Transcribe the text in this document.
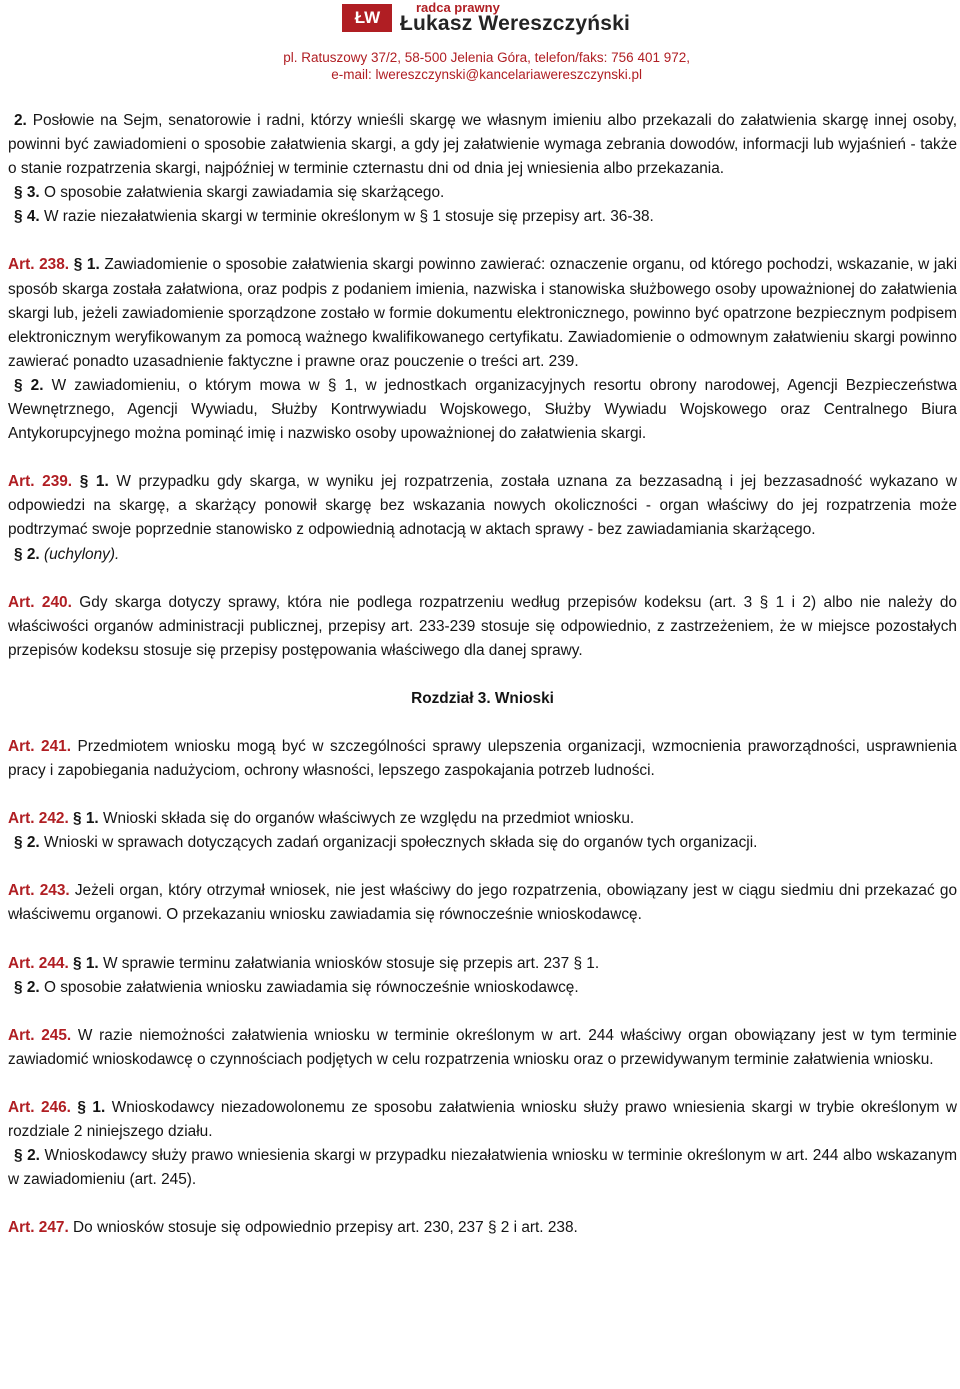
ŁW
radca prawny
Łukasz Wereszczyński
pl. Ratuszowy 37/2, 58-500 Jelenia Góra, telefon/faks: 756 401 972,
e-mail: lwereszczynski@kancelariawereszczynski.pl

2. Posłowie na Sejm, senatorowie i radni, którzy wnieśli skargę we własnym imieniu albo przekazali do załatwienia skargę innej osoby, powinni być zawiadomieni o sposobie załatwienia skargi, a gdy jej załatwienie wymaga zebrania dowodów, informacji lub wyjaśnień - także o stanie rozpatrzenia skargi, najpóźniej w terminie czternastu dni od dnia jej wniesienia albo przekazania.

§ 3. O sposobie załatwienia skargi zawiadamia się skarżącego.

§ 4. W razie niezałatwienia skargi w terminie określonym w § 1 stosuje się przepisy art. 36-38.

Art. 238. § 1. Zawiadomienie o sposobie załatwienia skargi powinno zawierać: oznaczenie organu, od którego pochodzi, wskazanie, w jaki sposób skarga została załatwiona, oraz podpis z podaniem imienia, nazwiska i stanowiska służbowego osoby upoważnionej do załatwienia skargi lub, jeżeli zawiadomienie sporządzone zostało w formie dokumentu elektronicznego, powinno być opatrzone bezpiecznym podpisem elektronicznym weryfikowanym za pomocą ważnego kwalifikowanego certyfikatu. Zawiadomienie o odmownym załatwieniu skargi powinno zawierać ponadto uzasadnienie faktyczne i prawne oraz pouczenie o treści art. 239.

§ 2. W zawiadomieniu, o którym mowa w § 1, w jednostkach organizacyjnych resortu obrony narodowej, Agencji Bezpieczeństwa Wewnętrznego, Agencji Wywiadu, Służby Kontrwywiadu Wojskowego, Służby Wywiadu Wojskowego oraz Centralnego Biura Antykorupcyjnego można pominąć imię i nazwisko osoby upoważnionej do załatwienia skargi.

Art. 239. § 1. W przypadku gdy skarga, w wyniku jej rozpatrzenia, została uznana za bezzasadną i jej bezzasadność wykazano w odpowiedzi na skargę, a skarżący ponowił skargę bez wskazania nowych okoliczności - organ właściwy do jej rozpatrzenia może podtrzymać swoje poprzednie stanowisko z odpowiednią adnotacją w aktach sprawy - bez zawiadamiania skarżącego.

§ 2. (uchylony).

Art. 240. Gdy skarga dotyczy sprawy, która nie podlega rozpatrzeniu według przepisów kodeksu (art. 3 § 1 i 2) albo nie należy do właściwości organów administracji publicznej, przepisy art. 233-239 stosuje się odpowiednio, z zastrzeżeniem, że w miejsce pozostałych przepisów kodeksu stosuje się przepisy postępowania właściwego dla danej sprawy.

Rozdział 3. Wnioski

Art. 241. Przedmiotem wniosku mogą być w szczególności sprawy ulepszenia organizacji, wzmocnienia praworządności, usprawnienia pracy i zapobiegania nadużyciom, ochrony własności, lepszego zaspokajania potrzeb ludności.

Art. 242. § 1. Wnioski składa się do organów właściwych ze względu na przedmiot wniosku.

§ 2. Wnioski w sprawach dotyczących zadań organizacji społecznych składa się do organów tych organizacji.

Art. 243. Jeżeli organ, który otrzymał wniosek, nie jest właściwy do jego rozpatrzenia, obowiązany jest w ciągu siedmiu dni przekazać go właściwemu organowi. O przekazaniu wniosku zawiadamia się równocześnie wnioskodawcę.

Art. 244. § 1. W sprawie terminu załatwiania wniosków stosuje się przepis art. 237 § 1.

§ 2. O sposobie załatwienia wniosku zawiadamia się równocześnie wnioskodawcę.

Art. 245. W razie niemożności załatwienia wniosku w terminie określonym w art. 244 właściwy organ obowiązany jest w tym terminie zawiadomić wnioskodawcę o czynnościach podjętych w celu rozpatrzenia wniosku oraz o przewidywanym terminie załatwienia wniosku.

Art. 246. § 1. Wnioskodawcy niezadowolonemu ze sposobu załatwienia wniosku służy prawo wniesienia skargi w trybie określonym w rozdziale 2 niniejszego działu.

§ 2. Wnioskodawcy służy prawo wniesienia skargi w przypadku niezałatwienia wniosku w terminie określonym w art. 244 albo wskazanym w zawiadomieniu (art. 245).

Art. 247. Do wniosków stosuje się odpowiednio przepisy art. 230, 237 § 2 i art. 238.
